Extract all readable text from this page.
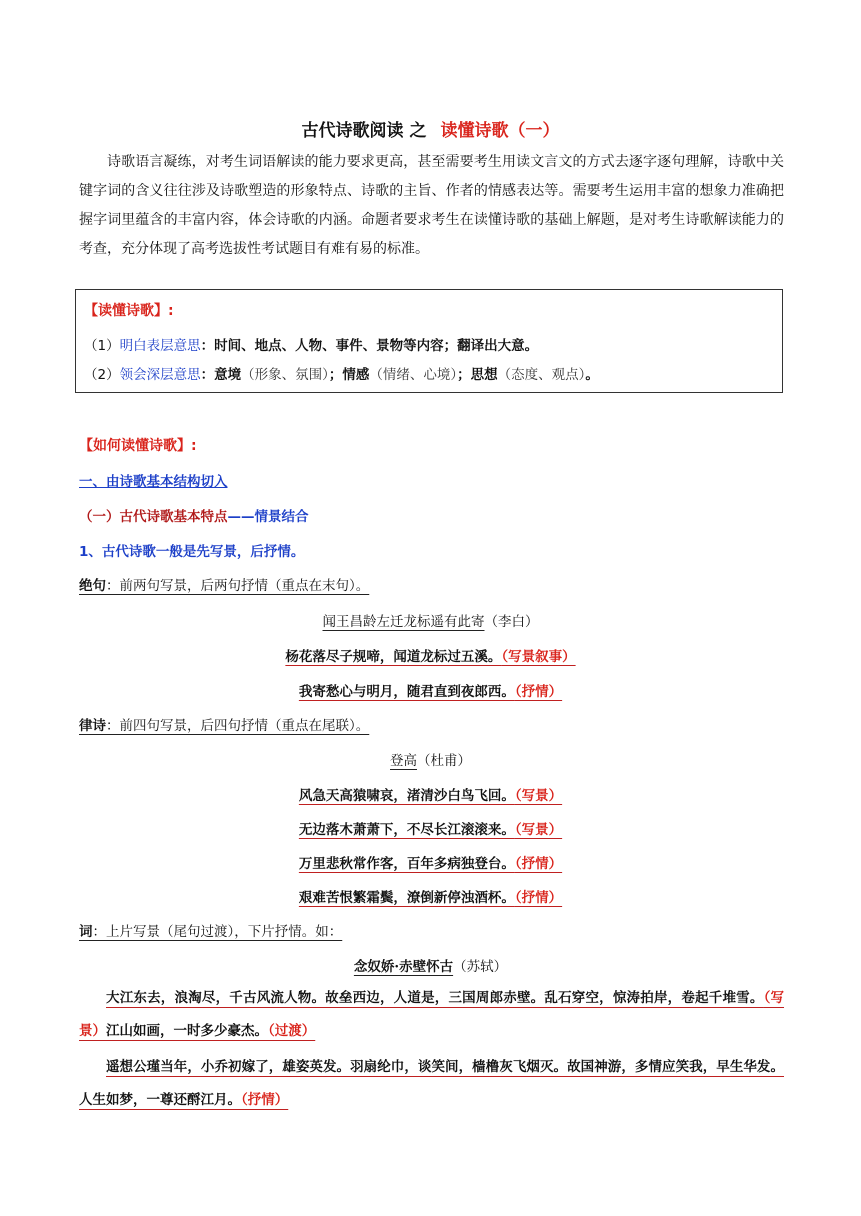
古代诗歌阅读 之 读懂诗歌（一）
诗歌语言凝练，对考生词语解读的能力要求更高，甚至需要考生用读文言文的方式去逐字逐句理解，诗歌中关键字词的含义往往涉及诗歌塑造的形象特点、诗歌的主旨、作者的情感表达等。需要考生运用丰富的想象力准确把握字词里蕴含的丰富内容，体会诗歌的内涵。命题者要求考生在读懂诗歌的基础上解题，是对考生诗歌解读能力的考查，充分体现了高考选拔性考试题目有难有易的标准。
【读懂诗歌】:
（1）明白表层意思：时间、地点、人物、事件、景物等内容；翻译出大意。
（2）领会深层意思：意境（形象、氛围）；情感（情绪、心境）；思想（态度、观点）。
【如何读懂诗歌】:
一、由诗歌基本结构切入
（一）古代诗歌基本特点——情景结合
1、古代诗歌一般是先写景，后抒情。
绝句：前两句写景，后两句抒情（重点在末句）。
闻王昌龄左迁龙标遥有此寄（李白）
杨花落尽子规啼，闻道龙标过五溪。（写景叙事）
我寄愁心与明月，随君直到夜郎西。（抒情）
律诗：前四句写景，后四句抒情（重点在尾联）。
登高（杜甫）
风急天高猿啸哀，渚清沙白鸟飞回。（写景）
无边落木萧萧下，不尽长江滚滚来。（写景）
万里悲秋常作客，百年多病独登台。（抒情）
艰难苦恨繁霜鬓，潦倒新停浊酒杯。（抒情）
词：上片写景（尾句过渡），下片抒情。如：
念奴娇·赤壁怀古（苏轼）
大江东去，浪淘尽，千古风流人物。故垒西边，人道是，三国周郎赤壁。乱石穿空，惊涛拍岸，卷起千堆雪。（写景）江山如画，一时多少豪杰。（过渡）
遥想公瑾当年，小乔初嫁了，雄姿英发。羽扇纶巾，谈笑间，樯橹灰飞烟灭。故国神游，多情应笑我，早生华发。人生如梦，一尊还酹江月。（抒情）
